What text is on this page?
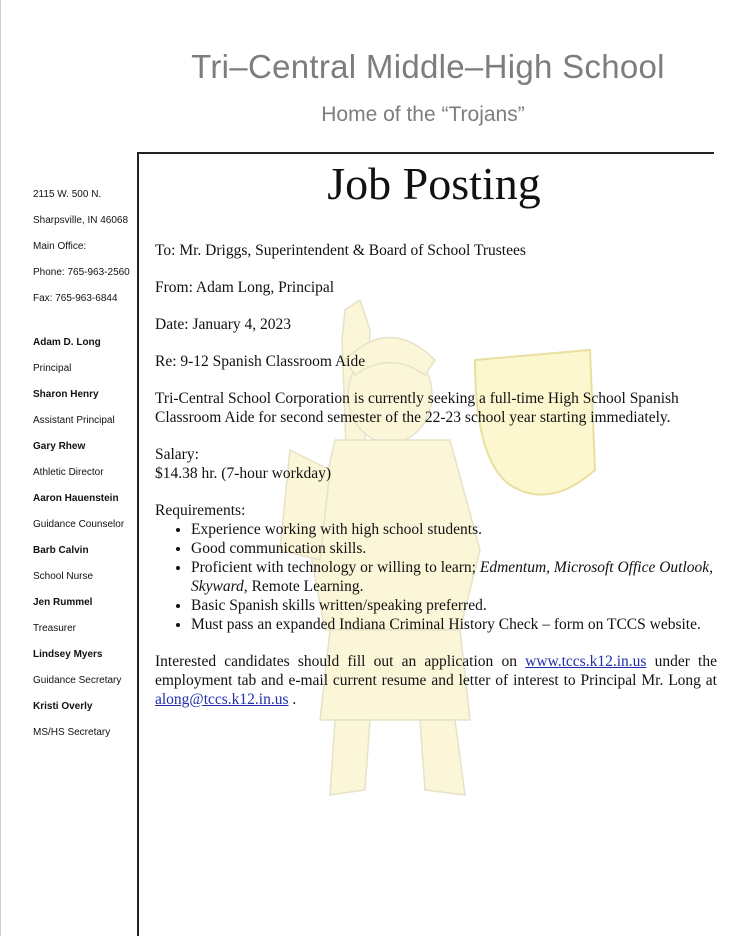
Tri–Central Middle–High School
Home of the “Trojans”
2115 W. 500 N.
Sharpsville, IN 46068
Main Office:
Phone: 765-963-2560
Fax: 765-963-6844
Adam D. Long
Principal
Sharon Henry
Assistant Principal
Gary Rhew
Athletic Director
Aaron Hauenstein
Guidance Counselor
Barb Calvin
School Nurse
Jen Rummel
Treasurer
Lindsey Myers
Guidance Secretary
Kristi Overly
MS/HS Secretary
Job Posting

To: Mr. Driggs, Superintendent & Board of School Trustees

From: Adam Long, Principal

Date: January 4, 2023

Re: 9-12 Spanish Classroom Aide

Tri-Central School Corporation is currently seeking a full-time High School Spanish Classroom Aide for second semester of the 22-23 school year starting immediately.

Salary:

$14.38 hr. (7-hour workday)

Requirements:

• Experience working with high school students.
• Good communication skills.
• Proficient with technology or willing to learn; Edmentum, Microsoft Office Outlook, Skyward, Remote Learning.
• Basic Spanish skills written/speaking preferred.
• Must pass an expanded Indiana Criminal History Check – form on TCCS website.

Interested candidates should fill out an application on www.tccs.k12.in.us under the employment tab and e-mail current resume and letter of interest to Principal Mr. Long at along@tccs.k12.in.us .
